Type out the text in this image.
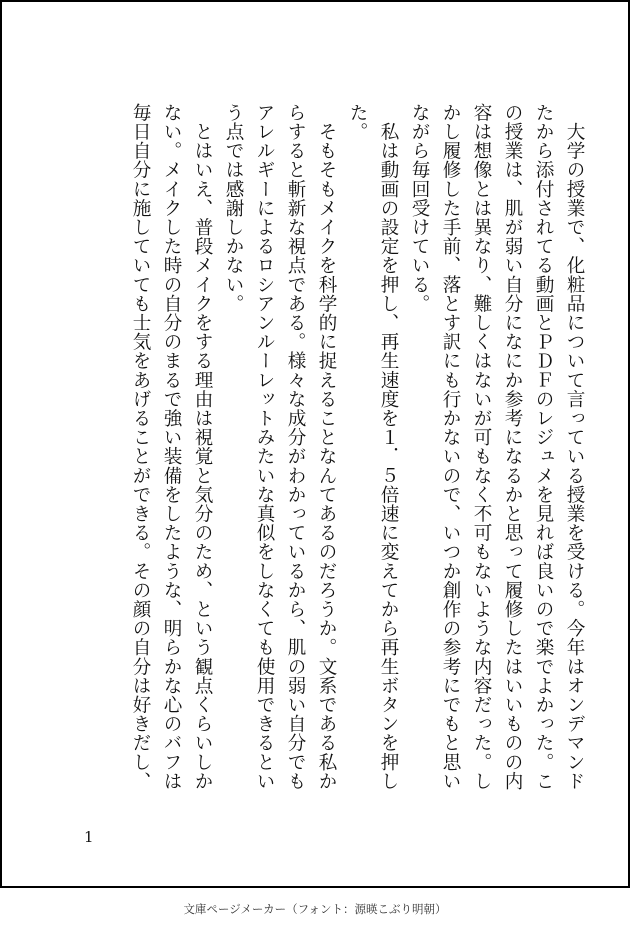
　大学の授業で、化粧品について言っている授業を受ける。今年はオンデマンド

たから添付されてる動画とＰＤＦのレジュメを見れば良いので楽でよかった。こ

の授業は、肌が弱い自分になにか参考になるかと思って履修したはいいものの内

容は想像とは異なり、難しくはないが可もなく不可もないような内容だった。し

かし履修した手前、落とす訳にも行かないので、いつか創作の参考にでもと思い

ながら毎回受けている。

　私は動画の設定を押し、再生速度を１．５倍速に変えてから再生ボタンを押し

た。

　そもそもメイクを科学的に捉えることなんてあるのだろうか。文系である私か

らすると斬新な視点である。様々な成分がわかっているから、肌の弱い自分でも

アレルギーによるロシアンルーレットみたいな真似をしなくても使用できるとい

う点では感謝しかない。

　とはいえ、普段メイクをする理由は視覚と気分のため、という観点くらいしか

ない。メイクした時の自分のまるで強い装備をしたような、明らかな心のバフは

毎日自分に施していても士気をあげることができる。その顔の自分は好きだし、

1
文庫ページメーカー（フォント：源暎こぶり明朝）
